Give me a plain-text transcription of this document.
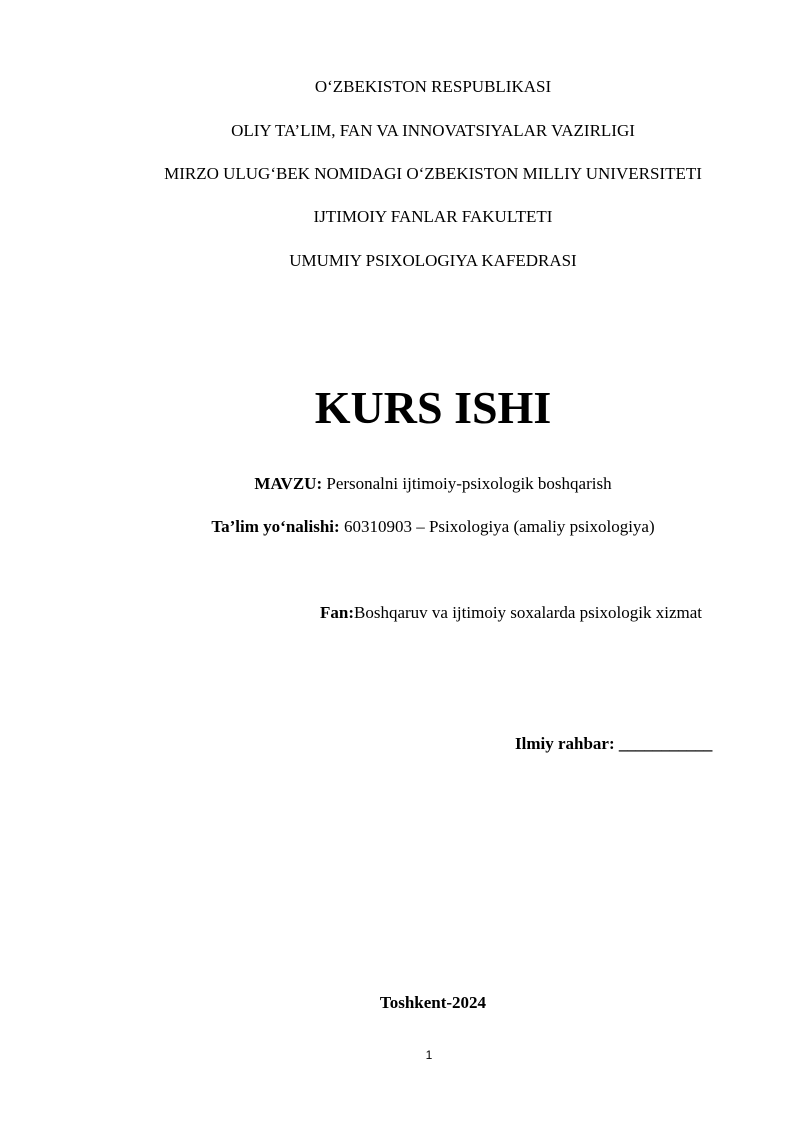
O‘ZBEKISTON RESPUBLIKASI
OLIY TA’LIM, FAN VA INNOVATSIYALAR VAZIRLIGI
MIRZO ULUG‘BEK NOMIDAGI O‘ZBEKISTON MILLIY UNIVERSITETI
IJTIMOIY FANLAR FAKULTETI
UMUMIY PSIXOLOGIYA KAFEDRASI
KURS ISHI
MAVZU: Personalni ijtimoiy-psixologik boshqarish
Ta’lim yo‘nalishi: 60310903 – Psixologiya (amaliy psixologiya)
Fan:Boshqaruv va ijtimoiy soxalarda psixologik xizmat
Ilmiy rahbar: ___________
Toshkent-2024
1
